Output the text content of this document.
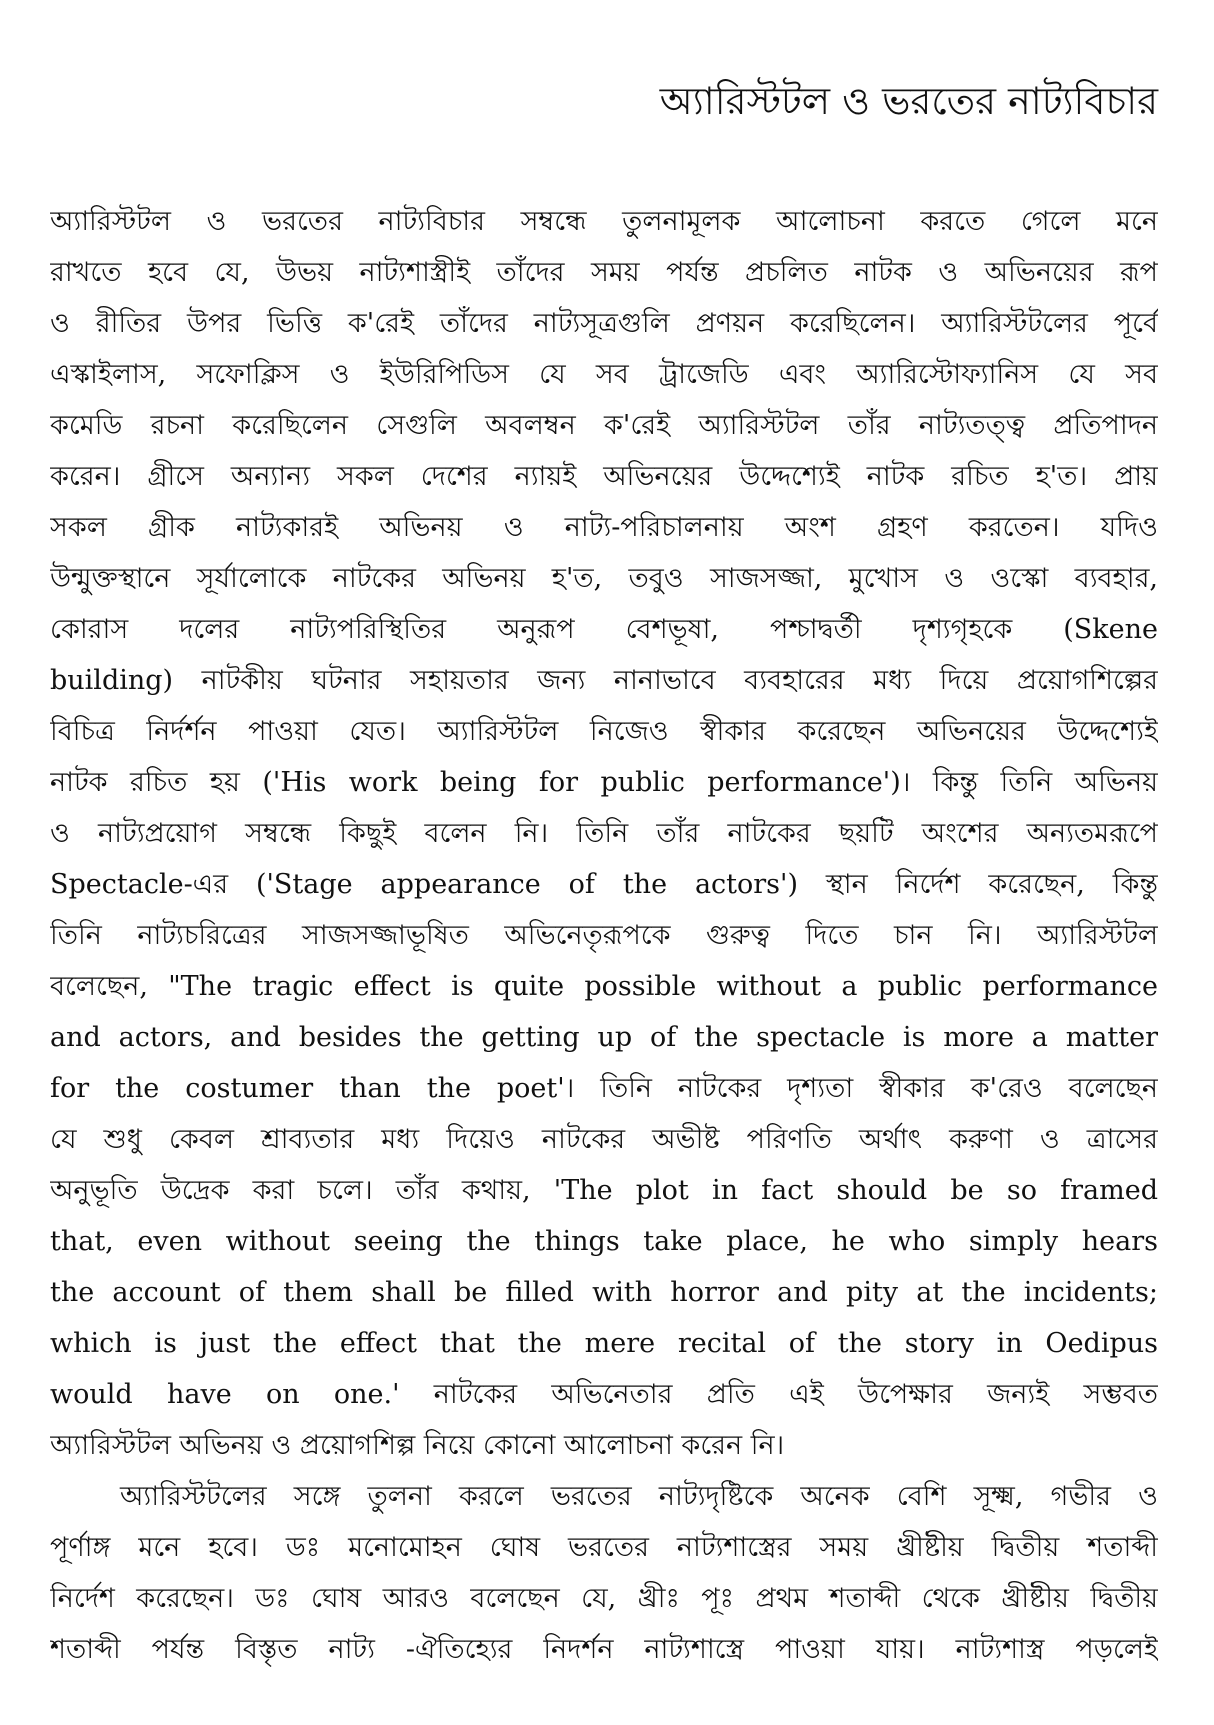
অ্যারিস্টটল ও ভরতের নাট্যবিচার
অ্যারিস্টটল ও ভরতের নাট্যবিচার সম্বন্ধে তুলনামূলক আলোচনা করতে গেলে মনে
রাখতে হবে যে, উভয় নাট্যশাস্ত্রীই তাঁদের সময় পর্যন্ত প্রচলিত নাটক ও অভিনয়ের রূপ
ও রীতির উপর ভিত্তি ক'রেই তাঁদের নাট্যসূত্রগুলি প্রণয়ন করেছিলেন। অ্যারিস্টটলের পূর্বে
এস্কাইলাস, সফোক্লিস ও ইউরিপিডিস যে সব ট্রাজেডি এবং অ্যারিস্টোফ্যানিস যে সব
কমেডি রচনা করেছিলেন সেগুলি অবলম্বন ক'রেই অ্যারিস্টটল তাঁর নাট্যতত্ত্ব প্রতিপাদন
করেন। গ্রীসে অন্যান্য সকল দেশের ন্যায়ই অভিনয়ের উদ্দেশ্যেই নাটক রচিত হ'ত। প্রায়
সকল গ্রীক নাট্যকারই অভিনয় ও নাট্য-পরিচালনায় অংশ গ্রহণ করতেন। যদিও
উন্মুক্তস্থানে সূর্যালোকে নাটকের অভিনয় হ'ত, তবুও সাজসজ্জা, মুখোস ও ওস্কো ব্যবহার,
কোরাস দলের নাট্যপরিস্থিতির অনুরূপ বেশভূষা, পশ্চাদ্বর্তী দৃশ্যগৃহকে (Skene
building) নাটকীয় ঘটনার সহায়তার জন্য নানাভাবে ব্যবহারের মধ্য দিয়ে প্রয়োগশিল্পের
বিচিত্র নির্দর্শন পাওয়া যেত। অ্যারিস্টটল নিজেও স্বীকার করেছেন অভিনয়ের উদ্দেশ্যেই
নাটক রচিত হয় ('His work being for public performance')। কিন্তু তিনি অভিনয়
ও নাট্যপ্রয়োগ সম্বন্ধে কিছুই বলেন নি। তিনি তাঁর নাটকের ছয়টি অংশের অন্যতমরূপে
Spectacle-এর ('Stage appearance of the actors') স্থান নির্দেশ করেছেন, কিন্তু
তিনি নাট্যচরিত্রের সাজসজ্জাভূষিত অভিনেতৃরূপকে গুরুত্ব দিতে চান নি। অ্যারিস্টটল
বলেছেন, "The tragic effect is quite possible without a public performance
and actors, and besides the getting up of the spectacle is more a matter
for the costumer than the poet'। তিনি নাটকের দৃশ্যতা স্বীকার ক'রেও বলেছেন
যে শুধু কেবল শ্রাব্যতার মধ্য দিয়েও নাটকের অভীষ্ট পরিণতি অর্থাৎ করুণা ও ত্রাসের
অনুভূতি উদ্রেক করা চলে। তাঁর কথায়, 'The plot in fact should be so framed
that, even without seeing the things take place, he who simply hears
the account of them shall be filled with horror and pity at the incidents;
which is just the effect that the mere recital of the story in Oedipus
would have on one.' নাটকের অভিনেতার প্রতি এই উপেক্ষার জন্যই সম্ভবত
অ্যারিস্টটল অভিনয় ও প্রয়োগশিল্প নিয়ে কোনো আলোচনা করেন নি।
অ্যারিস্টটলের সঙ্গে তুলনা করলে ভরতের নাট্যদৃষ্টিকে অনেক বেশি সূক্ষ্ম, গভীর ও
পূর্ণাঙ্গ মনে হবে। ডঃ মনোমোহন ঘোষ ভরতের নাট্যশাস্ত্রের সময় খ্রীষ্টীয় দ্বিতীয় শতাব্দী
নির্দেশ করেছেন। ডঃ ঘোষ আরও বলেছেন যে, খ্রীঃ পূঃ প্রথম শতাব্দী থেকে খ্রীষ্টীয় দ্বিতীয়
শতাব্দী পর্যন্ত বিস্তৃত নাট্য -ঐতিহ্যের নিদর্শন নাট্যশাস্ত্রে পাওয়া যায়। নাট্যশাস্ত্র পড়লেই
